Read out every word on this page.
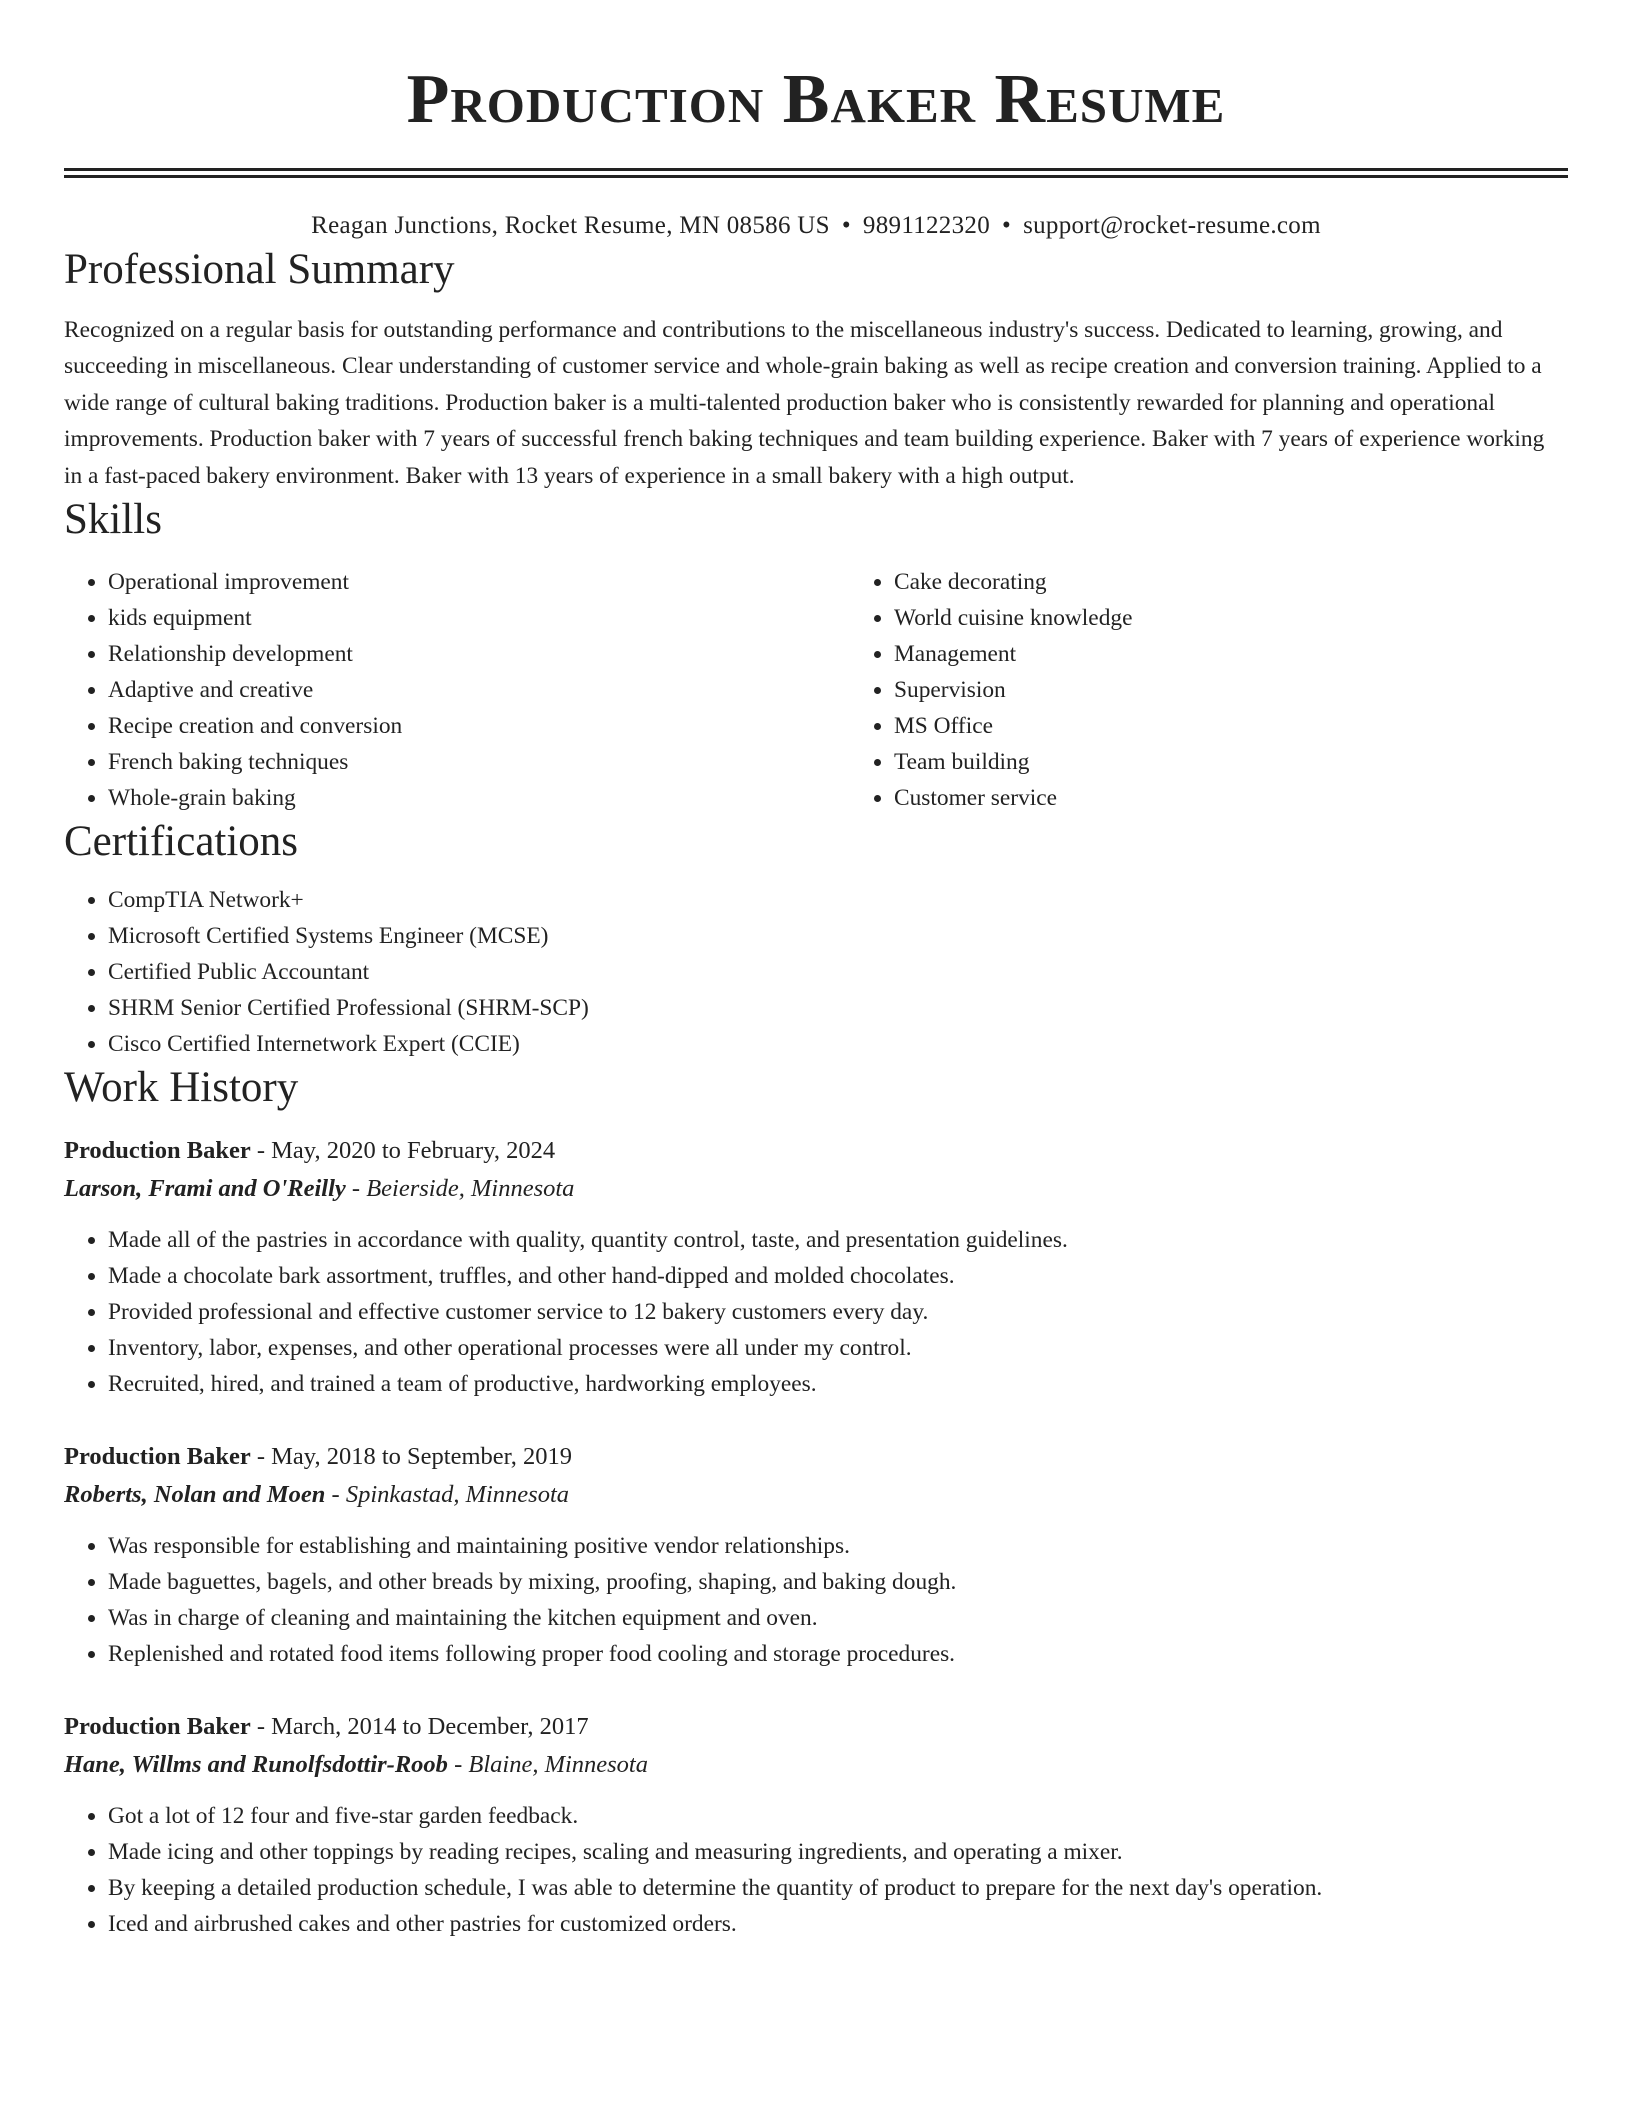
Production Baker Resume
Reagan Junctions, Rocket Resume, MN 08586 US • 9891122320 • support@rocket-resume.com
Professional Summary

Recognized on a regular basis for outstanding performance and contributions to the miscellaneous industry's success. Dedicated to learning, growing, and succeeding in miscellaneous. Clear understanding of customer service and whole-grain baking as well as recipe creation and conversion training. Applied to a wide range of cultural baking traditions. Production baker is a multi-talented production baker who is consistently rewarded for planning and operational improvements. Production baker with 7 years of successful french baking techniques and team building experience. Baker with 7 years of experience working in a fast-paced bakery environment. Baker with 13 years of experience in a small bakery with a high output.

Skills
• Operational improvement
• kids equipment
• Relationship development
• Adaptive and creative
• Recipe creation and conversion
• French baking techniques
• Whole-grain baking
• Cake decorating
• World cuisine knowledge
• Management
• Supervision
• MS Office
• Team building
• Customer service
Certifications
• CompTIA Network+
• Microsoft Certified Systems Engineer (MCSE)
• Certified Public Accountant
• SHRM Senior Certified Professional (SHRM-SCP)
• Cisco Certified Internetwork Expert (CCIE)
Work History
Production Baker - May, 2020 to February, 2024
Larson, Frami and O'Reilly - Beierside, Minnesota
• Made all of the pastries in accordance with quality, quantity control, taste, and presentation guidelines.
• Made a chocolate bark assortment, truffles, and other hand-dipped and molded chocolates.
• Provided professional and effective customer service to 12 bakery customers every day.
• Inventory, labor, expenses, and other operational processes were all under my control.
• Recruited, hired, and trained a team of productive, hardworking employees.
Production Baker - May, 2018 to September, 2019
Roberts, Nolan and Moen - Spinkastad, Minnesota
• Was responsible for establishing and maintaining positive vendor relationships.
• Made baguettes, bagels, and other breads by mixing, proofing, shaping, and baking dough.
• Was in charge of cleaning and maintaining the kitchen equipment and oven.
• Replenished and rotated food items following proper food cooling and storage procedures.
Production Baker - March, 2014 to December, 2017
Hane, Willms and Runolfsdottir-Roob - Blaine, Minnesota
• Got a lot of 12 four and five-star garden feedback.
• Made icing and other toppings by reading recipes, scaling and measuring ingredients, and operating a mixer.
• By keeping a detailed production schedule, I was able to determine the quantity of product to prepare for the next day's operation.
• Iced and airbrushed cakes and other pastries for customized orders.
